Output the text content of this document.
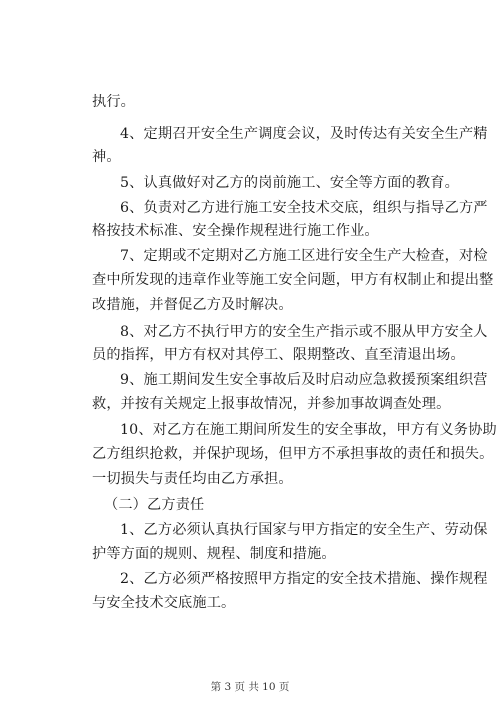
执行。
4、定期召开安全生产调度会议，及时传达有关安全生产精
神。
5、认真做好对乙方的岗前施工、安全等方面的教育。
6、负责对乙方进行施工安全技术交底，组织与指导乙方严
格按技术标准、安全操作规程进行施工作业。
7、定期或不定期对乙方施工区进行安全生产大检查，对检
查中所发现的违章作业等施工安全问题，甲方有权制止和提出整
改措施，并督促乙方及时解决。
8、对乙方不执行甲方的安全生产指示或不服从甲方安全人
员的指挥，甲方有权对其停工、限期整改、直至清退出场。
9、施工期间发生安全事故后及时启动应急救援预案组织营
救，并按有关规定上报事故情况，并参加事故调查处理。
10、对乙方在施工期间所发生的安全事故，甲方有义务协助
乙方组织抢救，并保护现场，但甲方不承担事故的责任和损失。
一切损失与责任均由乙方承担。
（二）乙方责任
1、乙方必须认真执行国家与甲方指定的安全生产、劳动保
护等方面的规则、规程、制度和措施。
2、乙方必须严格按照甲方指定的安全技术措施、操作规程
与安全技术交底施工。
第 3 页 共 10 页
